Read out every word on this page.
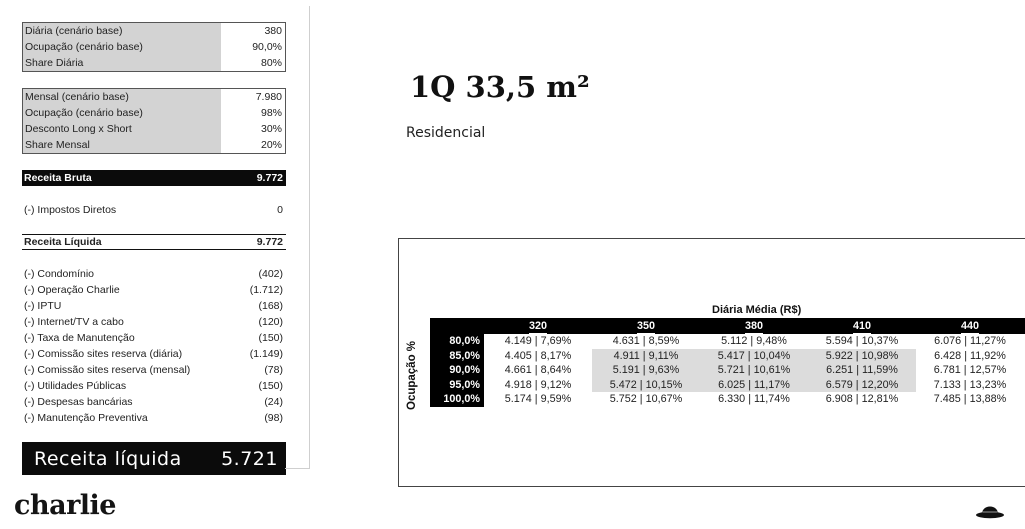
Diária (cenário base)	380
Ocupação (cenário base)	90,0%
Share Diária	80%
Mensal (cenário base)	7.980
Ocupação (cenário base)	98%
Desconto Long x Short	30%
Share Mensal	20%
Receita Bruta	9.772
(-) Impostos Diretos	0
Receita Líquida	9.772
(-) Condomínio	(402)
(-) Operação Charlie	(1.712)
(-) IPTU	(168)
(-) Internet/TV a cabo	(120)
(-) Taxa de Manutenção	(150)
(-) Comissão sites reserva (diária)	(1.149)
(-) Comissão sites reserva (mensal)	(78)
(-) Utilidades Públicas	(150)
(-) Despesas bancárias	(24)
(-) Manutenção Preventiva	(98)
Receita líquida 5.721
charlie
1Q 33,5 m²
Residencial
Diária Média (R$)
Ocupação %
320	350	380	410	440
80,0%	4.149 | 7,69%	4.631 | 8,59%	5.112 | 9,48%	5.594 | 10,37%	6.076 | 11,27%
85,0%	4.405 | 8,17%	4.911 | 9,11%	5.417 | 10,04%	5.922 | 10,98%	6.428 | 11,92%
90,0%	4.661 | 8,64%	5.191 | 9,63%	5.721 | 10,61%	6.251 | 11,59%	6.781 | 12,57%
95,0%	4.918 | 9,12%	5.472 | 10,15%	6.025 | 11,17%	6.579 | 12,20%	7.133 | 13,23%
100,0%	5.174 | 9,59%	5.752 | 10,67%	6.330 | 11,74%	6.908 | 12,81%	7.485 | 13,88%
